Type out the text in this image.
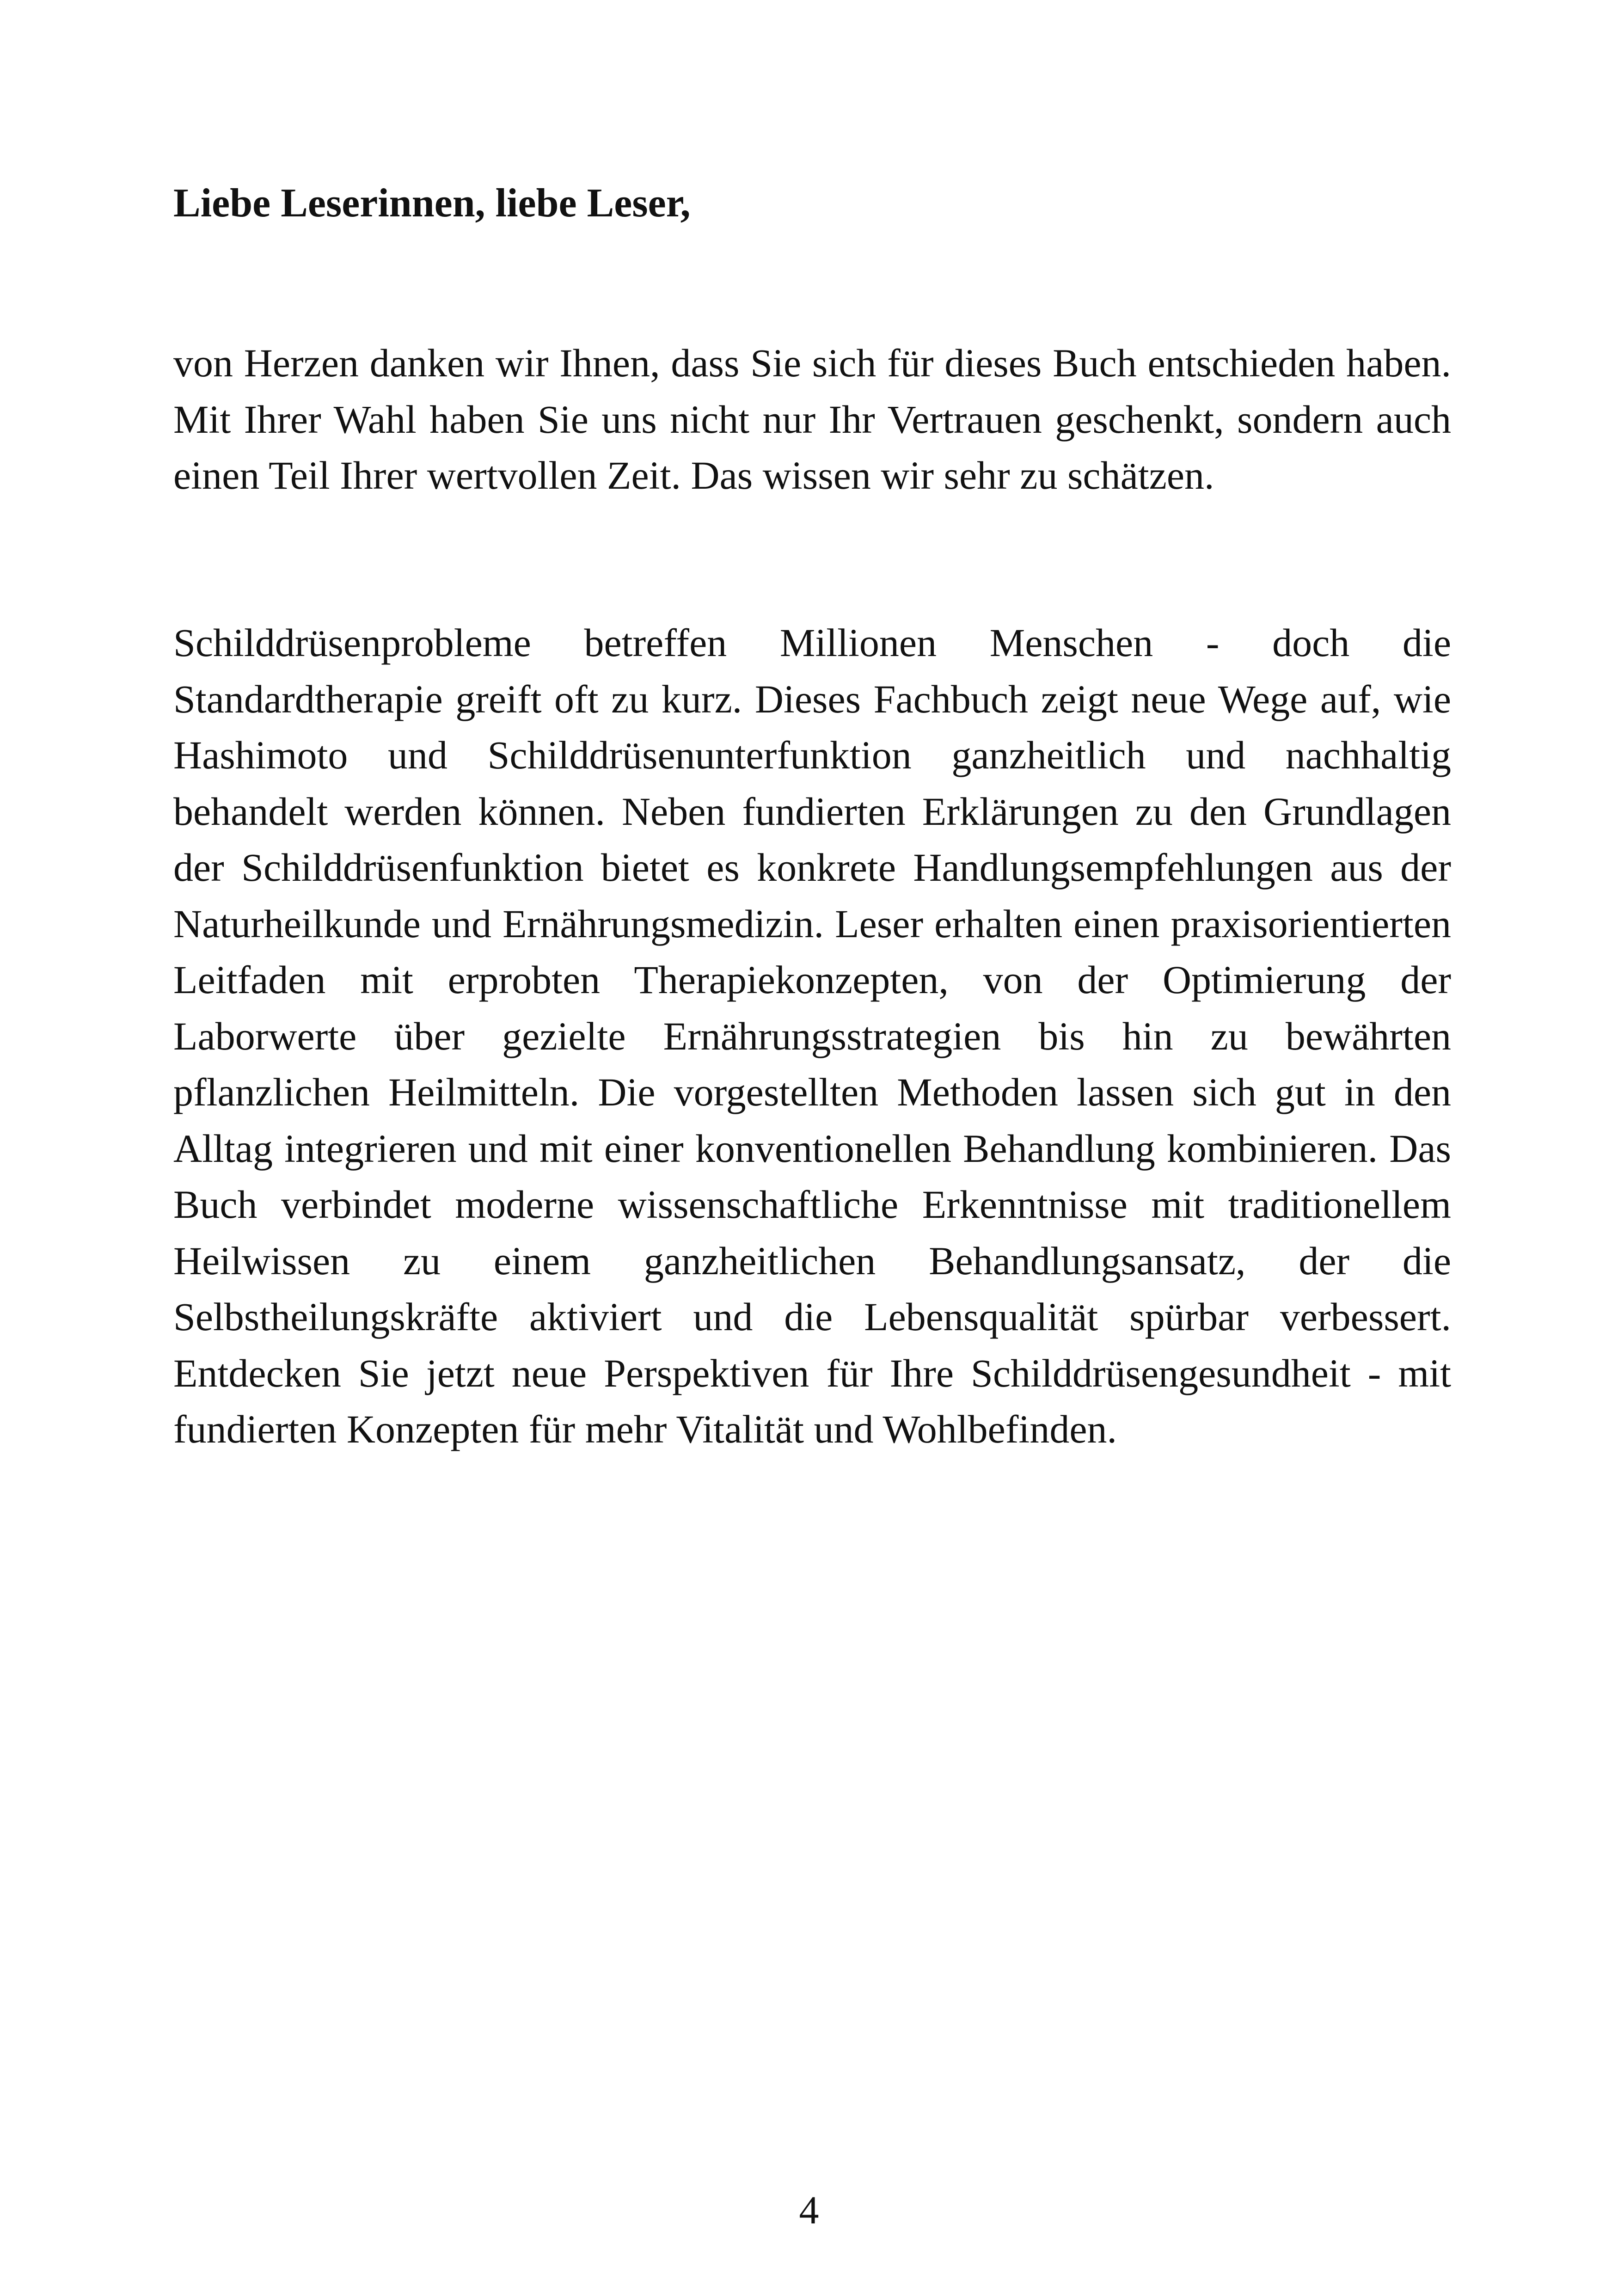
Liebe Leserinnen, liebe Leser,

von Herzen danken wir Ihnen, dass Sie sich für dieses Buch entschieden haben. Mit Ihrer Wahl haben Sie uns nicht nur Ihr Vertrauen geschenkt, sondern auch einen Teil Ihrer wertvollen Zeit. Das wissen wir sehr zu schätzen.

Schilddrüsenprobleme betreffen Millionen Menschen - doch die Standardtherapie greift oft zu kurz. Dieses Fachbuch zeigt neue Wege auf, wie Hashimoto und Schilddrüsenunterfunktion ganzheitlich und nachhaltig behandelt werden können. Neben fundierten Erklärungen zu den Grundlagen der Schilddrüsenfunktion bietet es konkrete Handlungsempfehlungen aus der Naturheilkunde und Ernährungsmedizin. Leser erhalten einen praxisorientierten Leitfaden mit erprobten Therapiekonzepten, von der Optimierung der Laborwerte über gezielte Ernährungsstrategien bis hin zu bewährten pflanzlichen Heilmitteln. Die vorgestellten Methoden lassen sich gut in den Alltag integrieren und mit einer konventionellen Behandlung kombinieren. Das Buch verbindet moderne wissenschaftliche Erkenntnisse mit traditionellem Heilwissen zu einem ganzheitlichen Behandlungsansatz, der die Selbstheilungskräfte aktiviert und die Lebensqualität spürbar verbessert. Entdecken Sie jetzt neue Perspektiven für Ihre Schilddrüsengesundheit - mit fundierten Konzepten für mehr Vitalität und Wohlbefinden.

4
